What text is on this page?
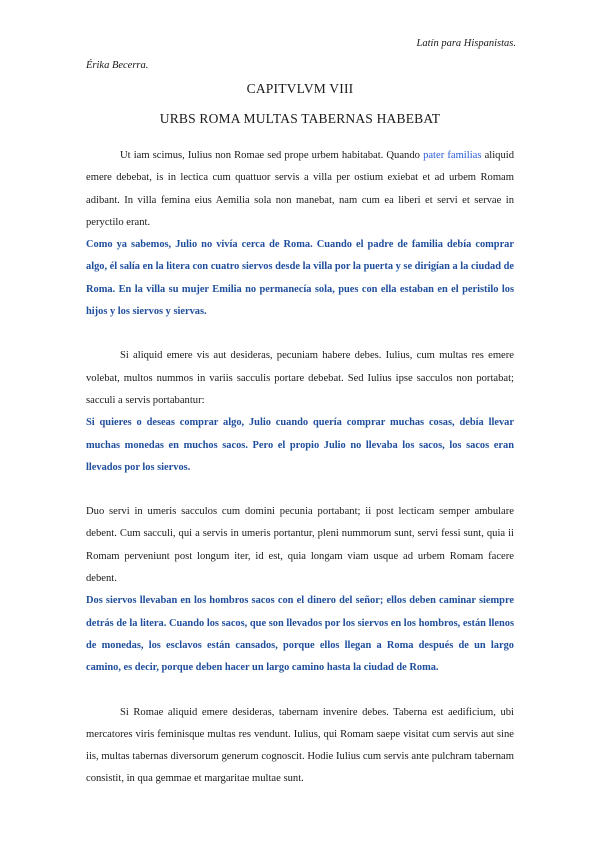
Latín para Hispanistas.
Érika Becerra.
CAPITVLVM VIII
URBS ROMA MULTAS TABERNAS HABEBAT

Ut iam scimus, Iulius non Romae sed prope urbem habitabat. Quando pater familias aliquid emere debebat, is in lectica cum quattuor servis a villa per ostium exiebat et ad urbem Romam adibant. In villa femina eius Aemilia sola non manebat, nam cum ea liberi et servi et servae in peryctilo erant.

Como ya sabemos, Julio no vivía cerca de Roma. Cuando el padre de familia debía comprar algo, él salía en la litera con cuatro siervos desde la villa por la puerta y se dirigían a la ciudad de Roma. En la villa su mujer Emilia no permanecía sola, pues con ella estaban en el peristilo los hijos y los siervos y siervas.

Si aliquid emere vis aut desideras, pecuniam habere debes. Iulius, cum multas res emere volebat, multos nummos in variis sacculis portare debebat. Sed Iulius ipse sacculos non portabat; sacculi a servis portabantur:

Si quieres o deseas comprar algo, Julio cuando quería comprar muchas cosas, debía llevar muchas monedas en muchos sacos. Pero el propio Julio no llevaba los sacos, los sacos eran llevados por los siervos.

Duo servi in umeris sacculos cum domini pecunia portabant; ii post lecticam semper ambulare debent. Cum sacculi, qui a servis in umeris portantur, pleni nummorum sunt, servi fessi sunt, quia ii Romam perveniunt post longum iter, id est, quia longam viam usque ad urbem Romam facere debent.

Dos siervos llevaban en los hombros sacos con el dinero del señor; ellos deben caminar siempre detrás de la litera. Cuando los sacos, que son llevados por los siervos en los hombros, están llenos de monedas, los esclavos están cansados, porque ellos llegan a Roma después de un largo camino, es decir, porque deben hacer un largo camino hasta la ciudad de Roma.

Si Romae aliquid emere desideras, tabernam invenire debes. Taberna est aedificium, ubi mercatores viris feminisque multas res vendunt. Iulius, qui Romam saepe visitat cum servis aut sine iis, multas tabernas diversorum generum cognoscit. Hodie Iulius cum servis ante pulchram tabernam consistit, in qua gemmae et margaritae multae sunt.
